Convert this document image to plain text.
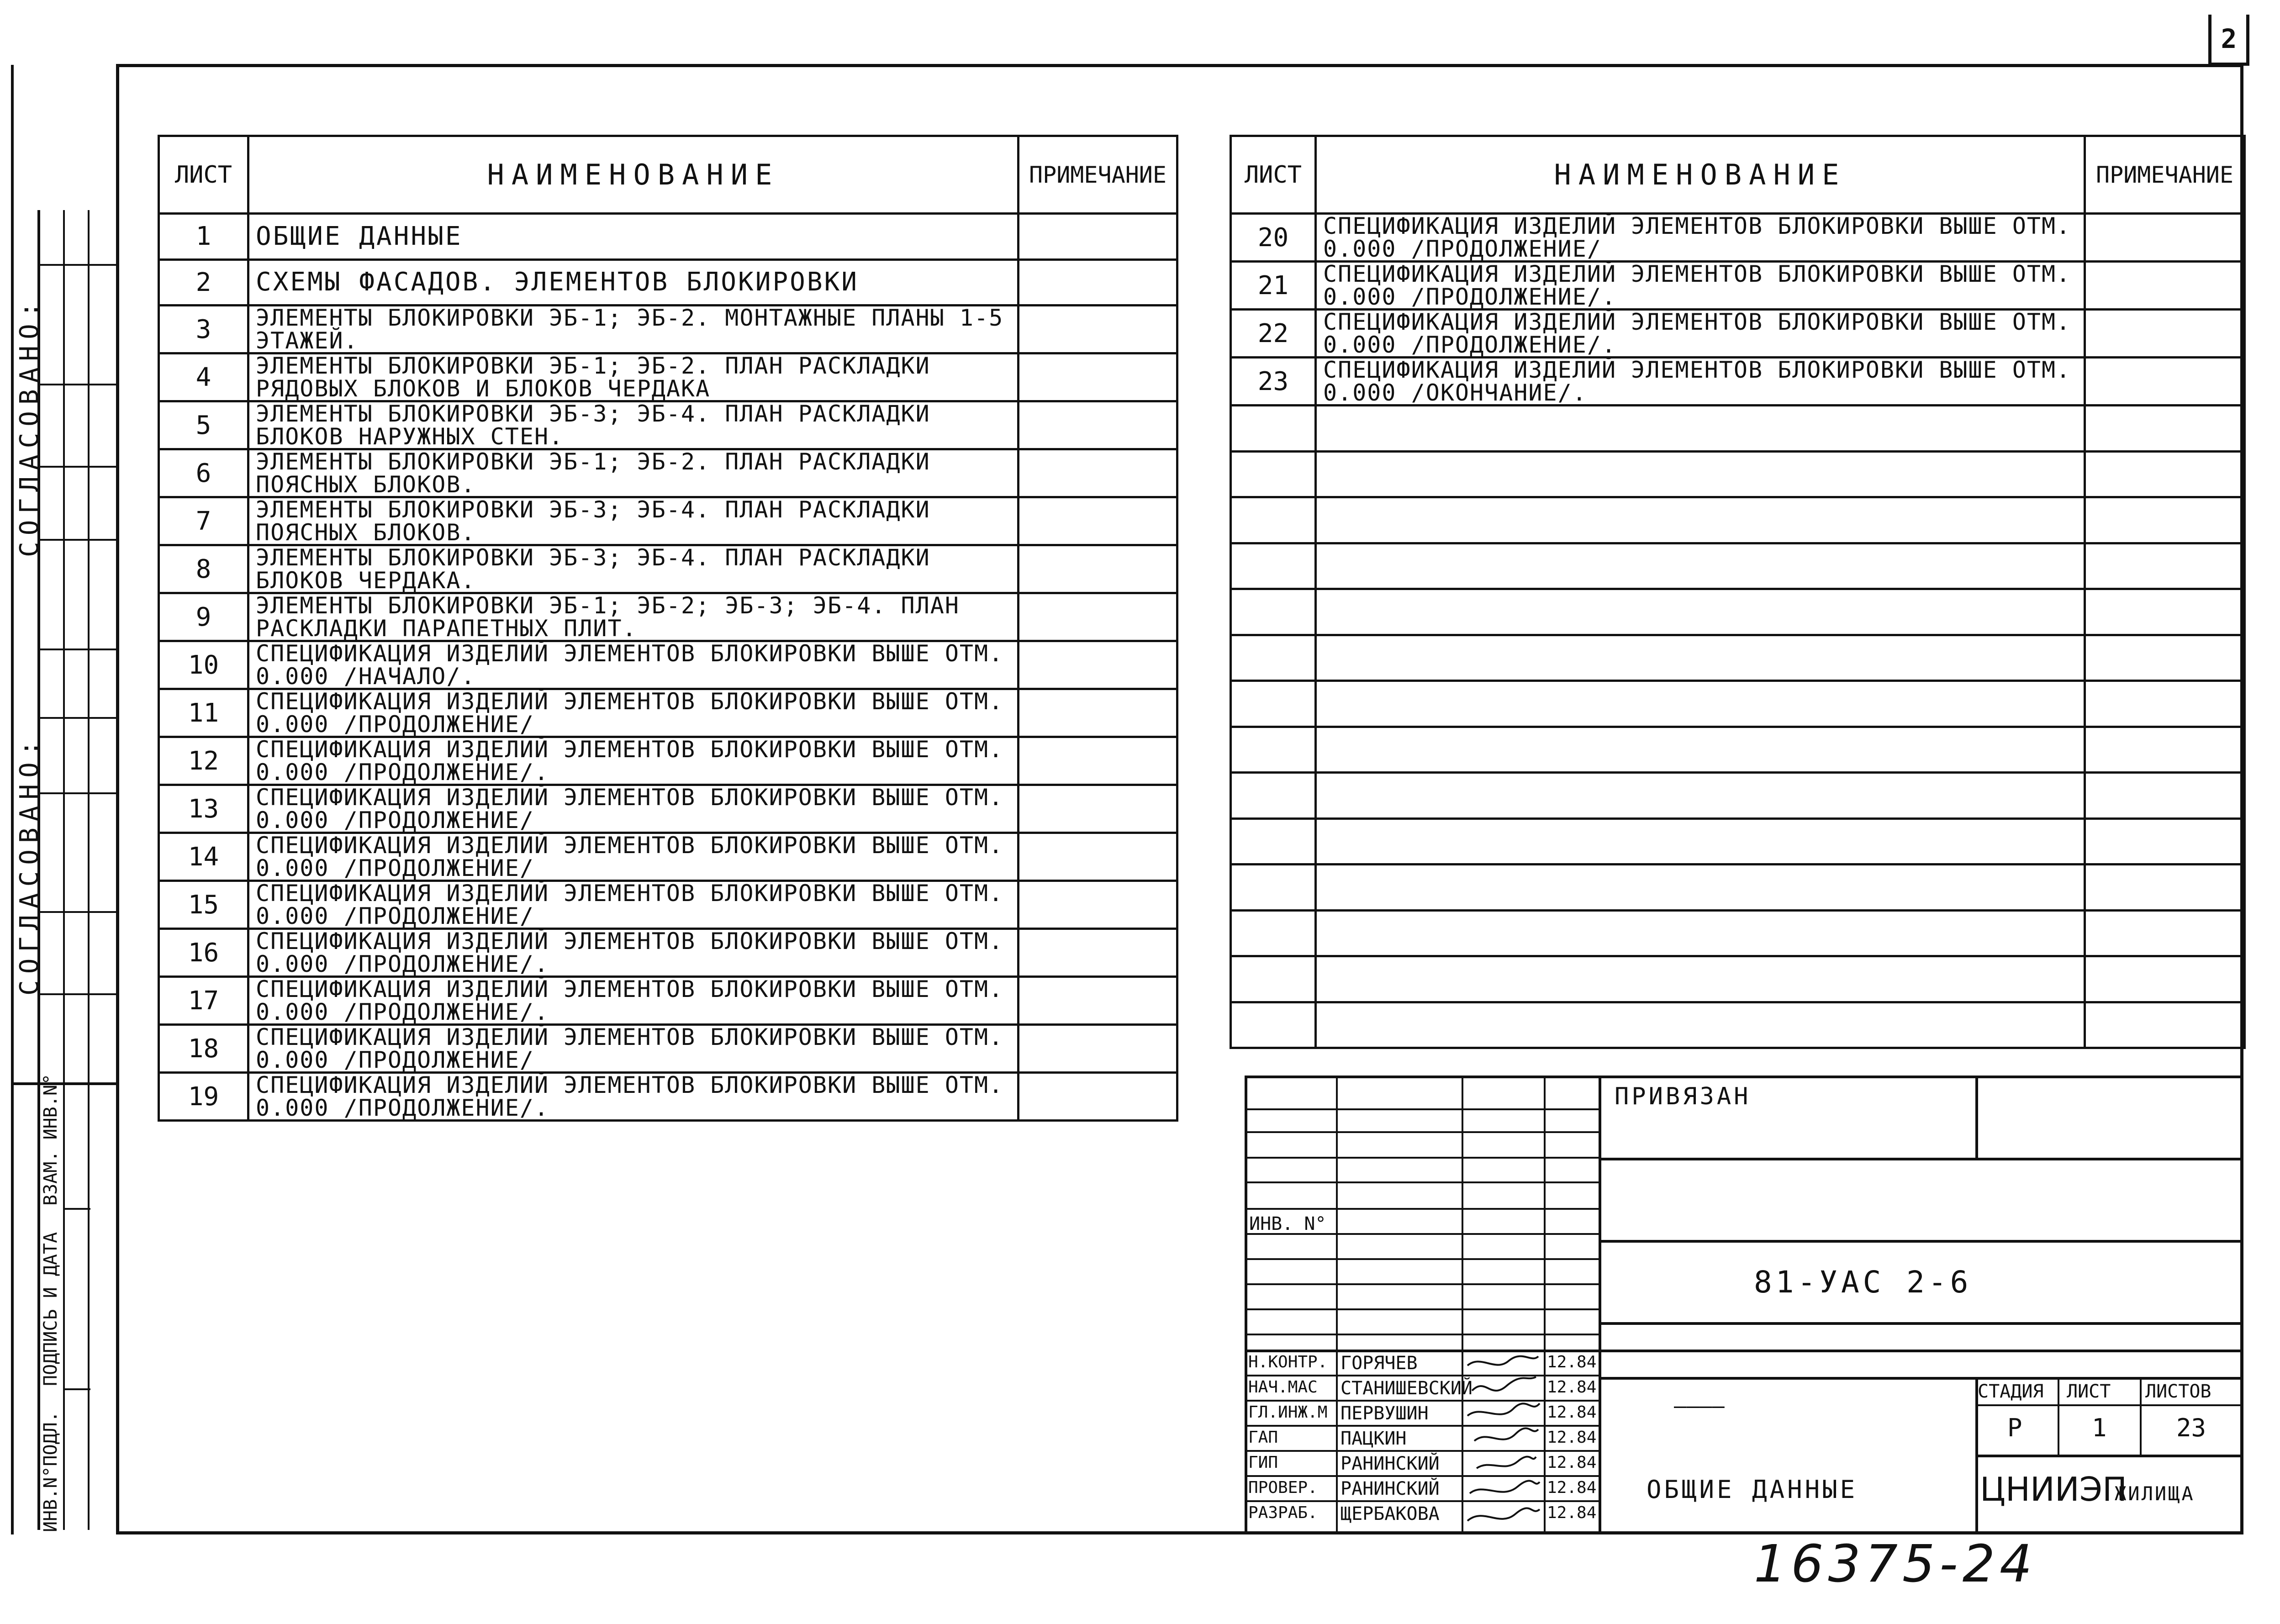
2
СОГЛАСОВАНО:
СОГЛАСОВАНО:
ИНВ.N°ПОДЛ.
ПОДПИСЬ И ДАТА
ВЗАМ. ИНВ.N°
ЛИСТ	НАИМЕНОВАНИЕ	ПРИМЕЧАНИЕ
1	ОБЩИЕ ДАННЫЕ	
2	СХЕМЫ ФАСАДОВ. ЭЛЕМЕНТОВ БЛОКИРОВКИ	
3	ЭЛЕМЕНТЫ БЛОКИРОВКИ ЭБ-1; ЭБ-2. МОНТАЖНЫЕ ПЛАНЫ 1-5 ЭТАЖЕЙ.	
4	ЭЛЕМЕНТЫ БЛОКИРОВКИ ЭБ-1; ЭБ-2. ПЛАН РАСКЛАДКИ РЯДОВЫХ БЛОКОВ И БЛОКОВ ЧЕРДАКА	
5	ЭЛЕМЕНТЫ БЛОКИРОВКИ ЭБ-3; ЭБ-4. ПЛАН РАСКЛАДКИ БЛОКОВ НАРУЖНЫХ СТЕН.	
6	ЭЛЕМЕНТЫ БЛОКИРОВКИ ЭБ-1; ЭБ-2. ПЛАН РАСКЛАДКИ ПОЯСНЫХ БЛОКОВ.	
7	ЭЛЕМЕНТЫ БЛОКИРОВКИ ЭБ-3; ЭБ-4. ПЛАН РАСКЛАДКИ ПОЯСНЫХ БЛОКОВ.	
8	ЭЛЕМЕНТЫ БЛОКИРОВКИ ЭБ-3; ЭБ-4. ПЛАН РАСКЛАДКИ БЛОКОВ ЧЕРДАКА.	
9	ЭЛЕМЕНТЫ БЛОКИРОВКИ ЭБ-1; ЭБ-2; ЭБ-3; ЭБ-4. ПЛАН РАСКЛАДКИ ПАРАПЕТНЫХ ПЛИТ.	
10	СПЕЦИФИКАЦИЯ ИЗДЕЛИЙ ЭЛЕМЕНТОВ БЛОКИРОВКИ ВЫШЕ ОТМ. 0.000 /НАЧАЛО/.	
11	СПЕЦИФИКАЦИЯ ИЗДЕЛИЙ ЭЛЕМЕНТОВ БЛОКИРОВКИ ВЫШЕ ОТМ. 0.000 /ПРОДОЛЖЕНИЕ/	
12	СПЕЦИФИКАЦИЯ ИЗДЕЛИЙ ЭЛЕМЕНТОВ БЛОКИРОВКИ ВЫШЕ ОТМ. 0.000 /ПРОДОЛЖЕНИЕ/.	
13	СПЕЦИФИКАЦИЯ ИЗДЕЛИЙ ЭЛЕМЕНТОВ БЛОКИРОВКИ ВЫШЕ ОТМ. 0.000 /ПРОДОЛЖЕНИЕ/	
14	СПЕЦИФИКАЦИЯ ИЗДЕЛИЙ ЭЛЕМЕНТОВ БЛОКИРОВКИ ВЫШЕ ОТМ. 0.000 /ПРОДОЛЖЕНИЕ/	
15	СПЕЦИФИКАЦИЯ ИЗДЕЛИЙ ЭЛЕМЕНТОВ БЛОКИРОВКИ ВЫШЕ ОТМ. 0.000 /ПРОДОЛЖЕНИЕ/	
16	СПЕЦИФИКАЦИЯ ИЗДЕЛИЙ ЭЛЕМЕНТОВ БЛОКИРОВКИ ВЫШЕ ОТМ. 0.000 /ПРОДОЛЖЕНИЕ/.	
17	СПЕЦИФИКАЦИЯ ИЗДЕЛИЙ ЭЛЕМЕНТОВ БЛОКИРОВКИ ВЫШЕ ОТМ. 0.000 /ПРОДОЛЖЕНИЕ/.	
18	СПЕЦИФИКАЦИЯ ИЗДЕЛИЙ ЭЛЕМЕНТОВ БЛОКИРОВКИ ВЫШЕ ОТМ. 0.000 /ПРОДОЛЖЕНИЕ/	
19	СПЕЦИФИКАЦИЯ ИЗДЕЛИЙ ЭЛЕМЕНТОВ БЛОКИРОВКИ ВЫШЕ ОТМ. 0.000 /ПРОДОЛЖЕНИЕ/.	
ЛИСТ	НАИМЕНОВАНИЕ	ПРИМЕЧАНИЕ
20	СПЕЦИФИКАЦИЯ ИЗДЕЛИЙ ЭЛЕМЕНТОВ БЛОКИРОВКИ ВЫШЕ ОТМ. 0.000 /ПРОДОЛЖЕНИЕ/	
21	СПЕЦИФИКАЦИЯ ИЗДЕЛИЙ ЭЛЕМЕНТОВ БЛОКИРОВКИ ВЫШЕ ОТМ. 0.000 /ПРОДОЛЖЕНИЕ/.	
22	СПЕЦИФИКАЦИЯ ИЗДЕЛИЙ ЭЛЕМЕНТОВ БЛОКИРОВКИ ВЫШЕ ОТМ. 0.000 /ПРОДОЛЖЕНИЕ/.	
23	СПЕЦИФИКАЦИЯ ИЗДЕЛИЙ ЭЛЕМЕНТОВ БЛОКИРОВКИ ВЫШЕ ОТМ. 0.000 /ОКОНЧАНИЕ/.	

ПРИВЯЗАН
ИНВ. N°
81-УАС 2-6
————
ОБЩИЕ ДАННЫЕ
СТАДИЯ ЛИСТ ЛИСТОВ
Р	1	23
ЦНИИЭП
ЖИЛИЩА
Н.КОНТР. ГОРЯЧЕВ	12.84
НАЧ.МАС СТАНИШЕВСКИЙ	12.84
ГЛ.ИНЖ.М ПЕРВУШИН	12.84
ГАП	ПАЦКИН	12.84
ГИП	РАНИНСКИЙ	12.84
ПРОВЕР. РАНИНСКИЙ	12.84
РАЗРАБ. ЩЕРБАКОВА	12.84
16375-24
